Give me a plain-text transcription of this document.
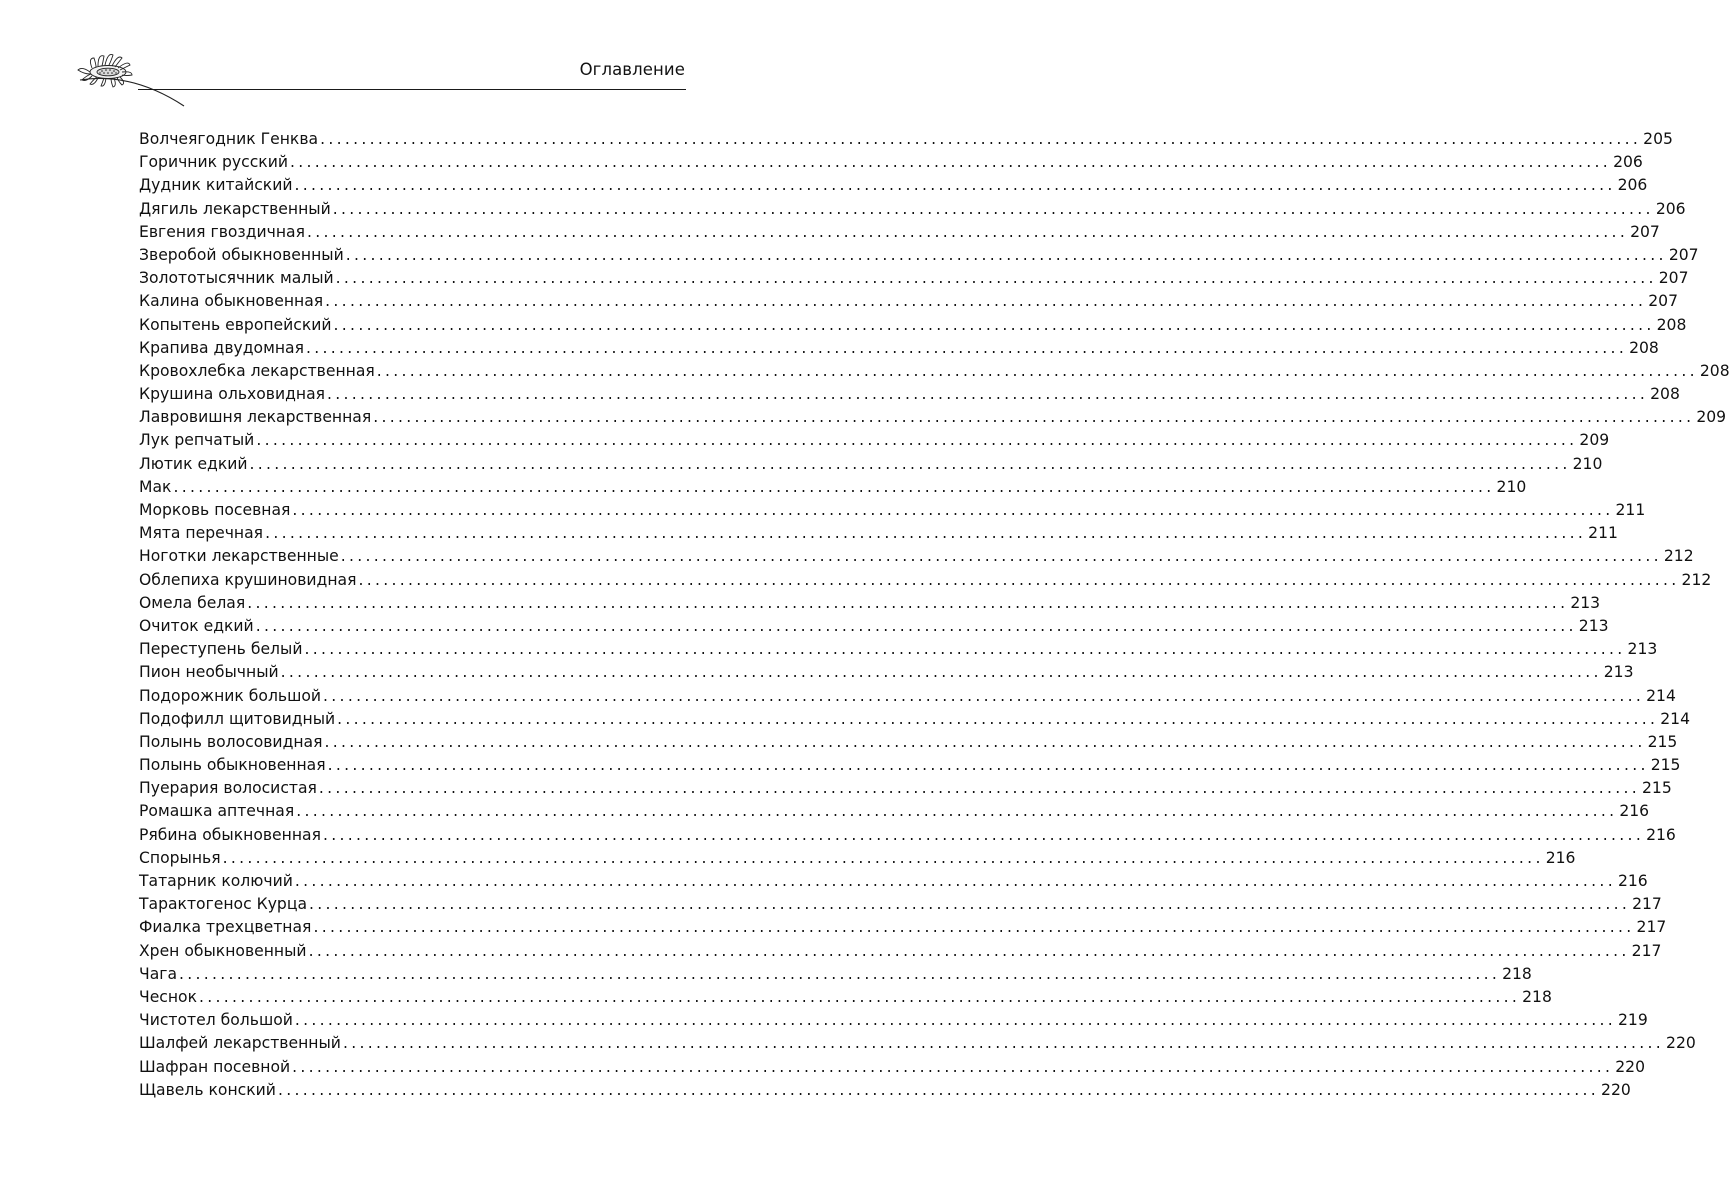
Оглавление
Волчеягодник Генква ................................................................................................................................................................ 205
Горичник русский ................................................................................................................................................................ 206
Дудник китайский ................................................................................................................................................................ 206
Дягиль лекарственный ................................................................................................................................................................ 206
Евгения гвоздичная ................................................................................................................................................................ 207
Зверобой обыкновенный ................................................................................................................................................................ 207
Золототысячник малый ................................................................................................................................................................ 207
Калина обыкновенная ................................................................................................................................................................ 207
Копытень европейский ................................................................................................................................................................ 208
Крапива двудомная ................................................................................................................................................................ 208
Кровохлебка лекарственная ................................................................................................................................................................ 208
Крушина ольховидная ................................................................................................................................................................ 208
Лавровишня лекарственная ................................................................................................................................................................ 209
Лук репчатый ................................................................................................................................................................ 209
Лютик едкий ................................................................................................................................................................ 210
Мак ................................................................................................................................................................ 210
Морковь посевная ................................................................................................................................................................ 211
Мята перечная ................................................................................................................................................................ 211
Ноготки лекарственные ................................................................................................................................................................ 212
Облепиха крушиновидная ................................................................................................................................................................ 212
Омела белая ................................................................................................................................................................ 213
Очиток едкий ................................................................................................................................................................ 213
Переступень белый ................................................................................................................................................................ 213
Пион необычный ................................................................................................................................................................ 213
Подорожник большой ................................................................................................................................................................ 214
Подофилл щитовидный ................................................................................................................................................................ 214
Полынь волосовидная ................................................................................................................................................................ 215
Полынь обыкновенная ................................................................................................................................................................ 215
Пуерария волосистая ................................................................................................................................................................ 215
Ромашка аптечная ................................................................................................................................................................ 216
Рябина обыкновенная ................................................................................................................................................................ 216
Спорынья ................................................................................................................................................................ 216
Татарник колючий ................................................................................................................................................................ 216
Тарактогенос Курца ................................................................................................................................................................ 217
Фиалка трехцветная ................................................................................................................................................................ 217
Хрен обыкновенный ................................................................................................................................................................ 217
Чага ................................................................................................................................................................ 218
Чеснок ................................................................................................................................................................ 218
Чистотел большой ................................................................................................................................................................ 219
Шалфей лекарственный ................................................................................................................................................................ 220
Шафран посевной ................................................................................................................................................................ 220
Щавель конский ................................................................................................................................................................ 220
